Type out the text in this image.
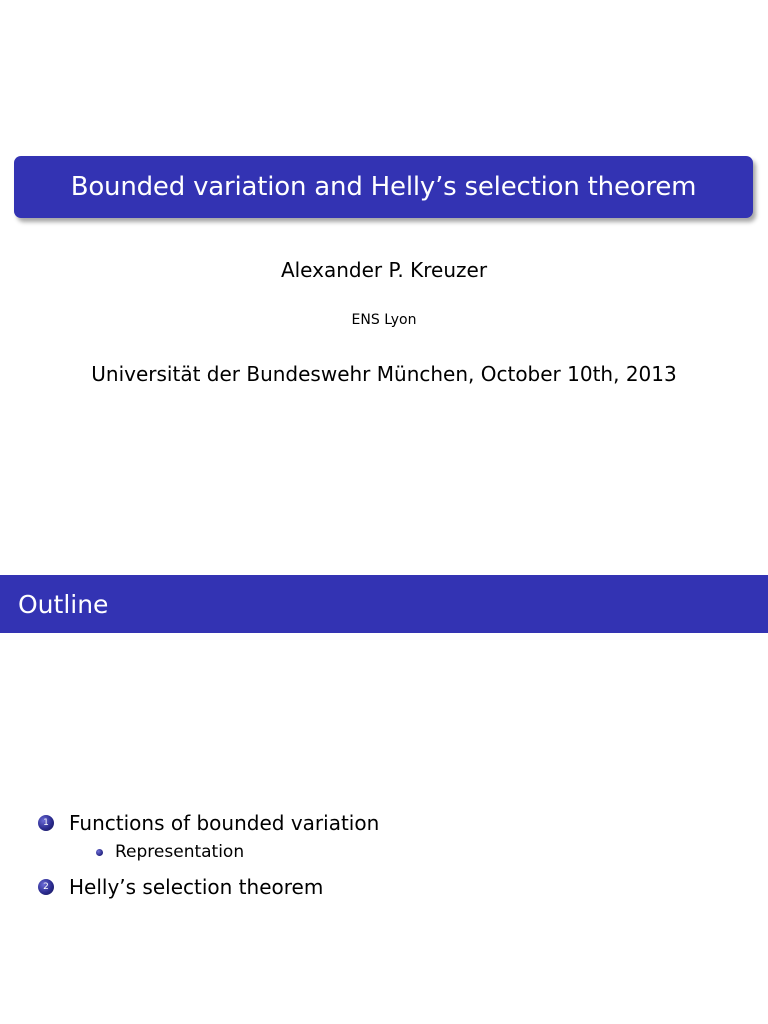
Bounded variation and Helly’s selection theorem
Alexander P. Kreuzer
ENS Lyon
Universität der Bundeswehr München, October 10th, 2013
Outline
1 Functions of bounded variation
Representation
2 Helly’s selection theorem
